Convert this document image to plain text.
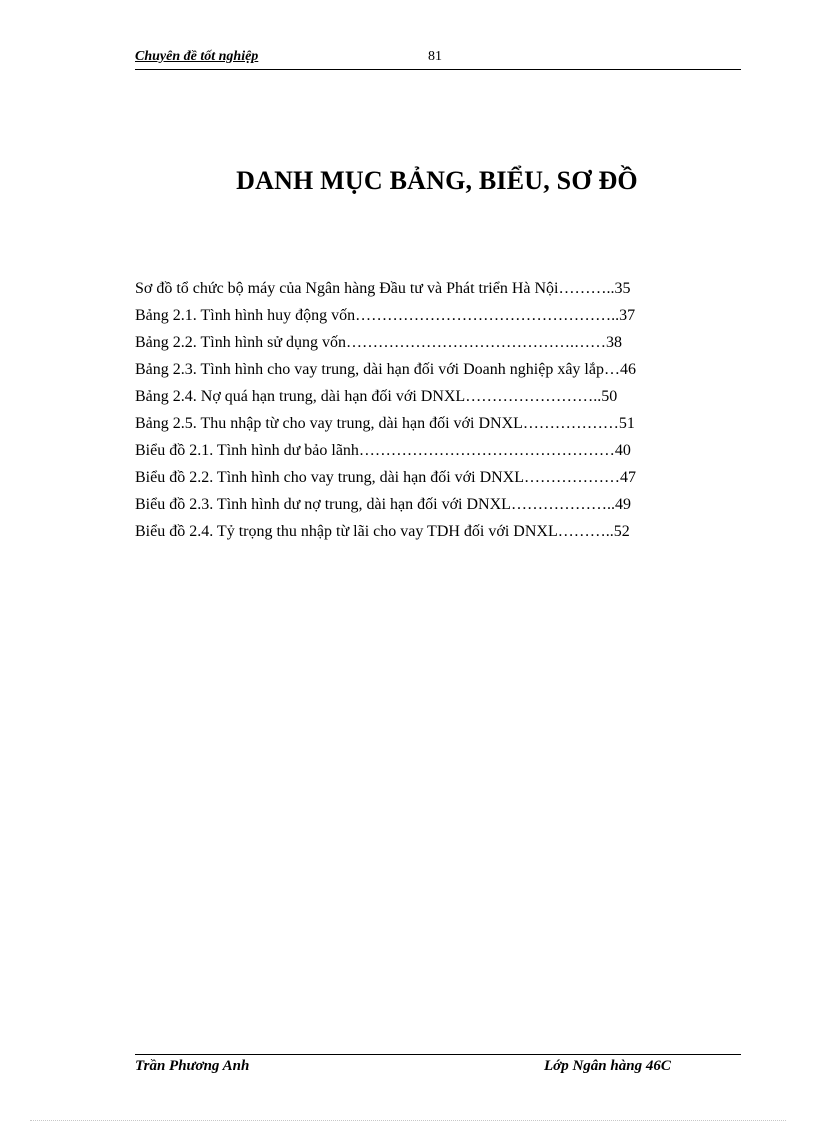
Chuyên đề tốt nghiệp	81
DANH MỤC BẢNG, BIỂU, SƠ ĐỒ
Sơ đồ tổ chức bộ máy của Ngân hàng Đầu tư và Phát triển Hà Nội………..35
Bảng 2.1. Tình hình huy động vốn…………………………………………..37
Bảng 2.2. Tình hình sử dụng vốn…………………………………….……38
Bảng 2.3. Tình hình cho vay trung, dài hạn đối với Doanh nghiệp xây lắp…46
Bảng 2.4. Nợ quá hạn trung, dài hạn đối với DNXL……………………..50
Bảng 2.5. Thu nhập từ cho vay trung, dài hạn đối với DNXL………………51
Biểu đồ 2.1. Tình hình dư bảo lãnh…………………………………………40
Biểu đồ 2.2. Tình hình cho vay trung, dài hạn đối với DNXL………………47
Biểu đồ 2.3. Tình hình dư nợ trung, dài hạn đối với DNXL………………..49
Biểu đồ 2.4. Tỷ trọng thu nhập từ lãi cho vay TDH đối với DNXL………..52
Trần Phương Anh	Lớp Ngân hàng 46C
